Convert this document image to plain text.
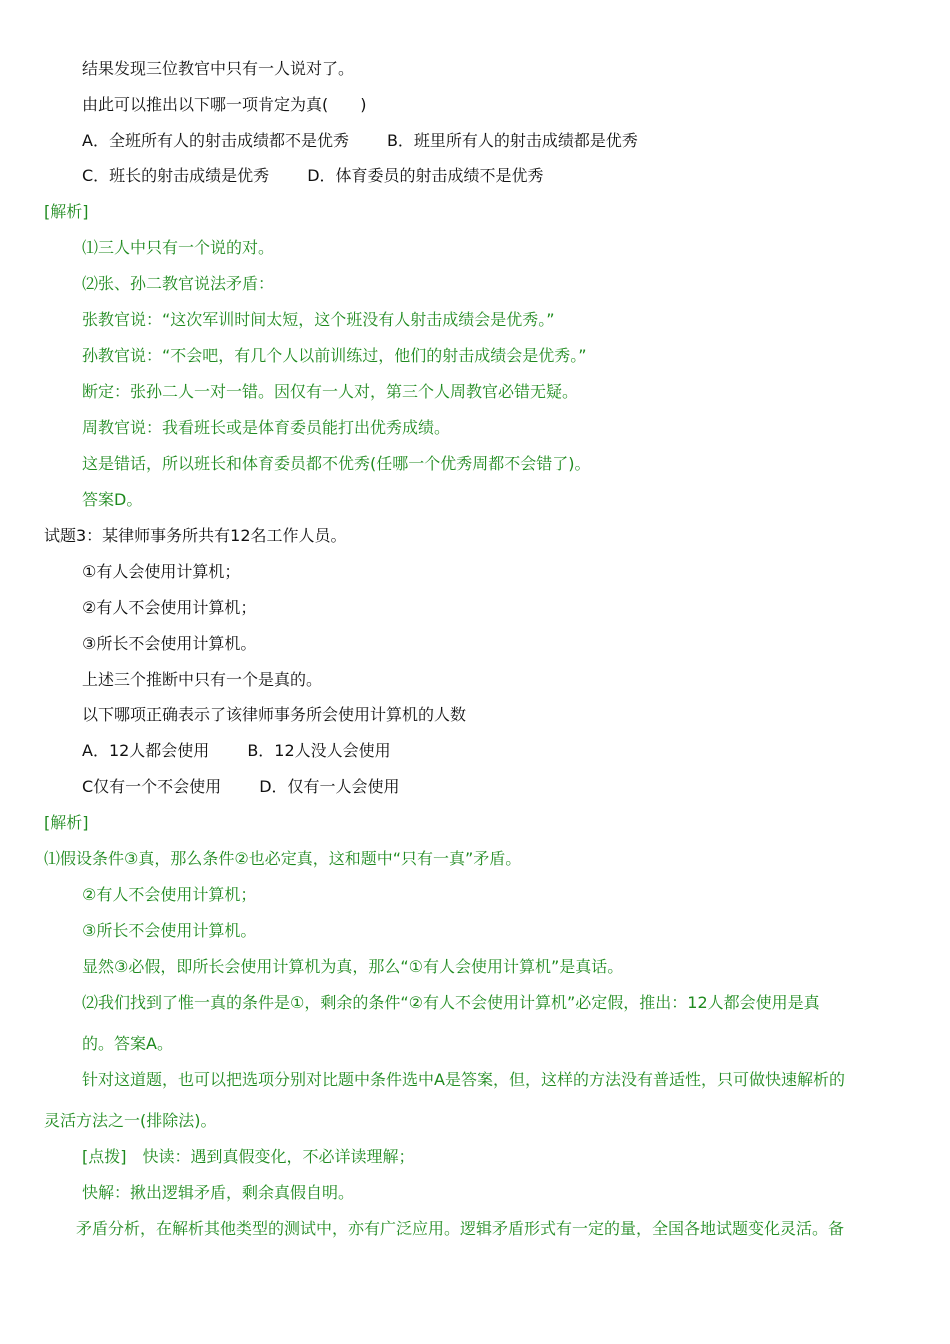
结果发现三位教官中只有一人说对了。
由此可以推出以下哪一项肯定为真(　　)
A．全班所有人的射击成绩都不是优秀 B．班里所有人的射击成绩都是优秀
C．班长的射击成绩是优秀 D．体育委员的射击成绩不是优秀
[解析]
⑴三人中只有一个说的对。
⑵张、孙二教官说法矛盾：
张教官说：“这次军训时间太短，这个班没有人射击成绩会是优秀。”
孙教官说：“不会吧，有几个人以前训练过，他们的射击成绩会是优秀。”
断定：张孙二人一对一错。因仅有一人对，第三个人周教官必错无疑。
周教官说：我看班长或是体育委员能打出优秀成绩。
这是错话，所以班长和体育委员都不优秀(任哪一个优秀周都不会错了)。
答案D。
试题3：某律师事务所共有12名工作人员。
①有人会使用计算机；
②有人不会使用计算机；
③所长不会使用计算机。
上述三个推断中只有一个是真的。
以下哪项正确表示了该律师事务所会使用计算机的人数
A．12人都会使用 B．12人没人会使用
C仅有一个不会使用 D．仅有一人会使用
[解析]
⑴假设条件③真，那么条件②也必定真，这和题中“只有一真”矛盾。
②有人不会使用计算机；
③所长不会使用计算机。
显然③必假，即所长会使用计算机为真，那么“①有人会使用计算机”是真话。
⑵我们找到了惟一真的条件是①，剩余的条件“②有人不会使用计算机”必定假，推出：12人都会使用是真
的。答案A。
针对这道题，也可以把选项分别对比题中条件选中A是答案，但，这样的方法没有普适性，只可做快速解析的
灵活方法之一(排除法)。
[点拨]　快读：遇到真假变化，不必详读理解；
快解：揪出逻辑矛盾，剩余真假自明。
矛盾分析，在解析其他类型的测试中，亦有广泛应用。逻辑矛盾形式有一定的量，全国各地试题变化灵活。备
